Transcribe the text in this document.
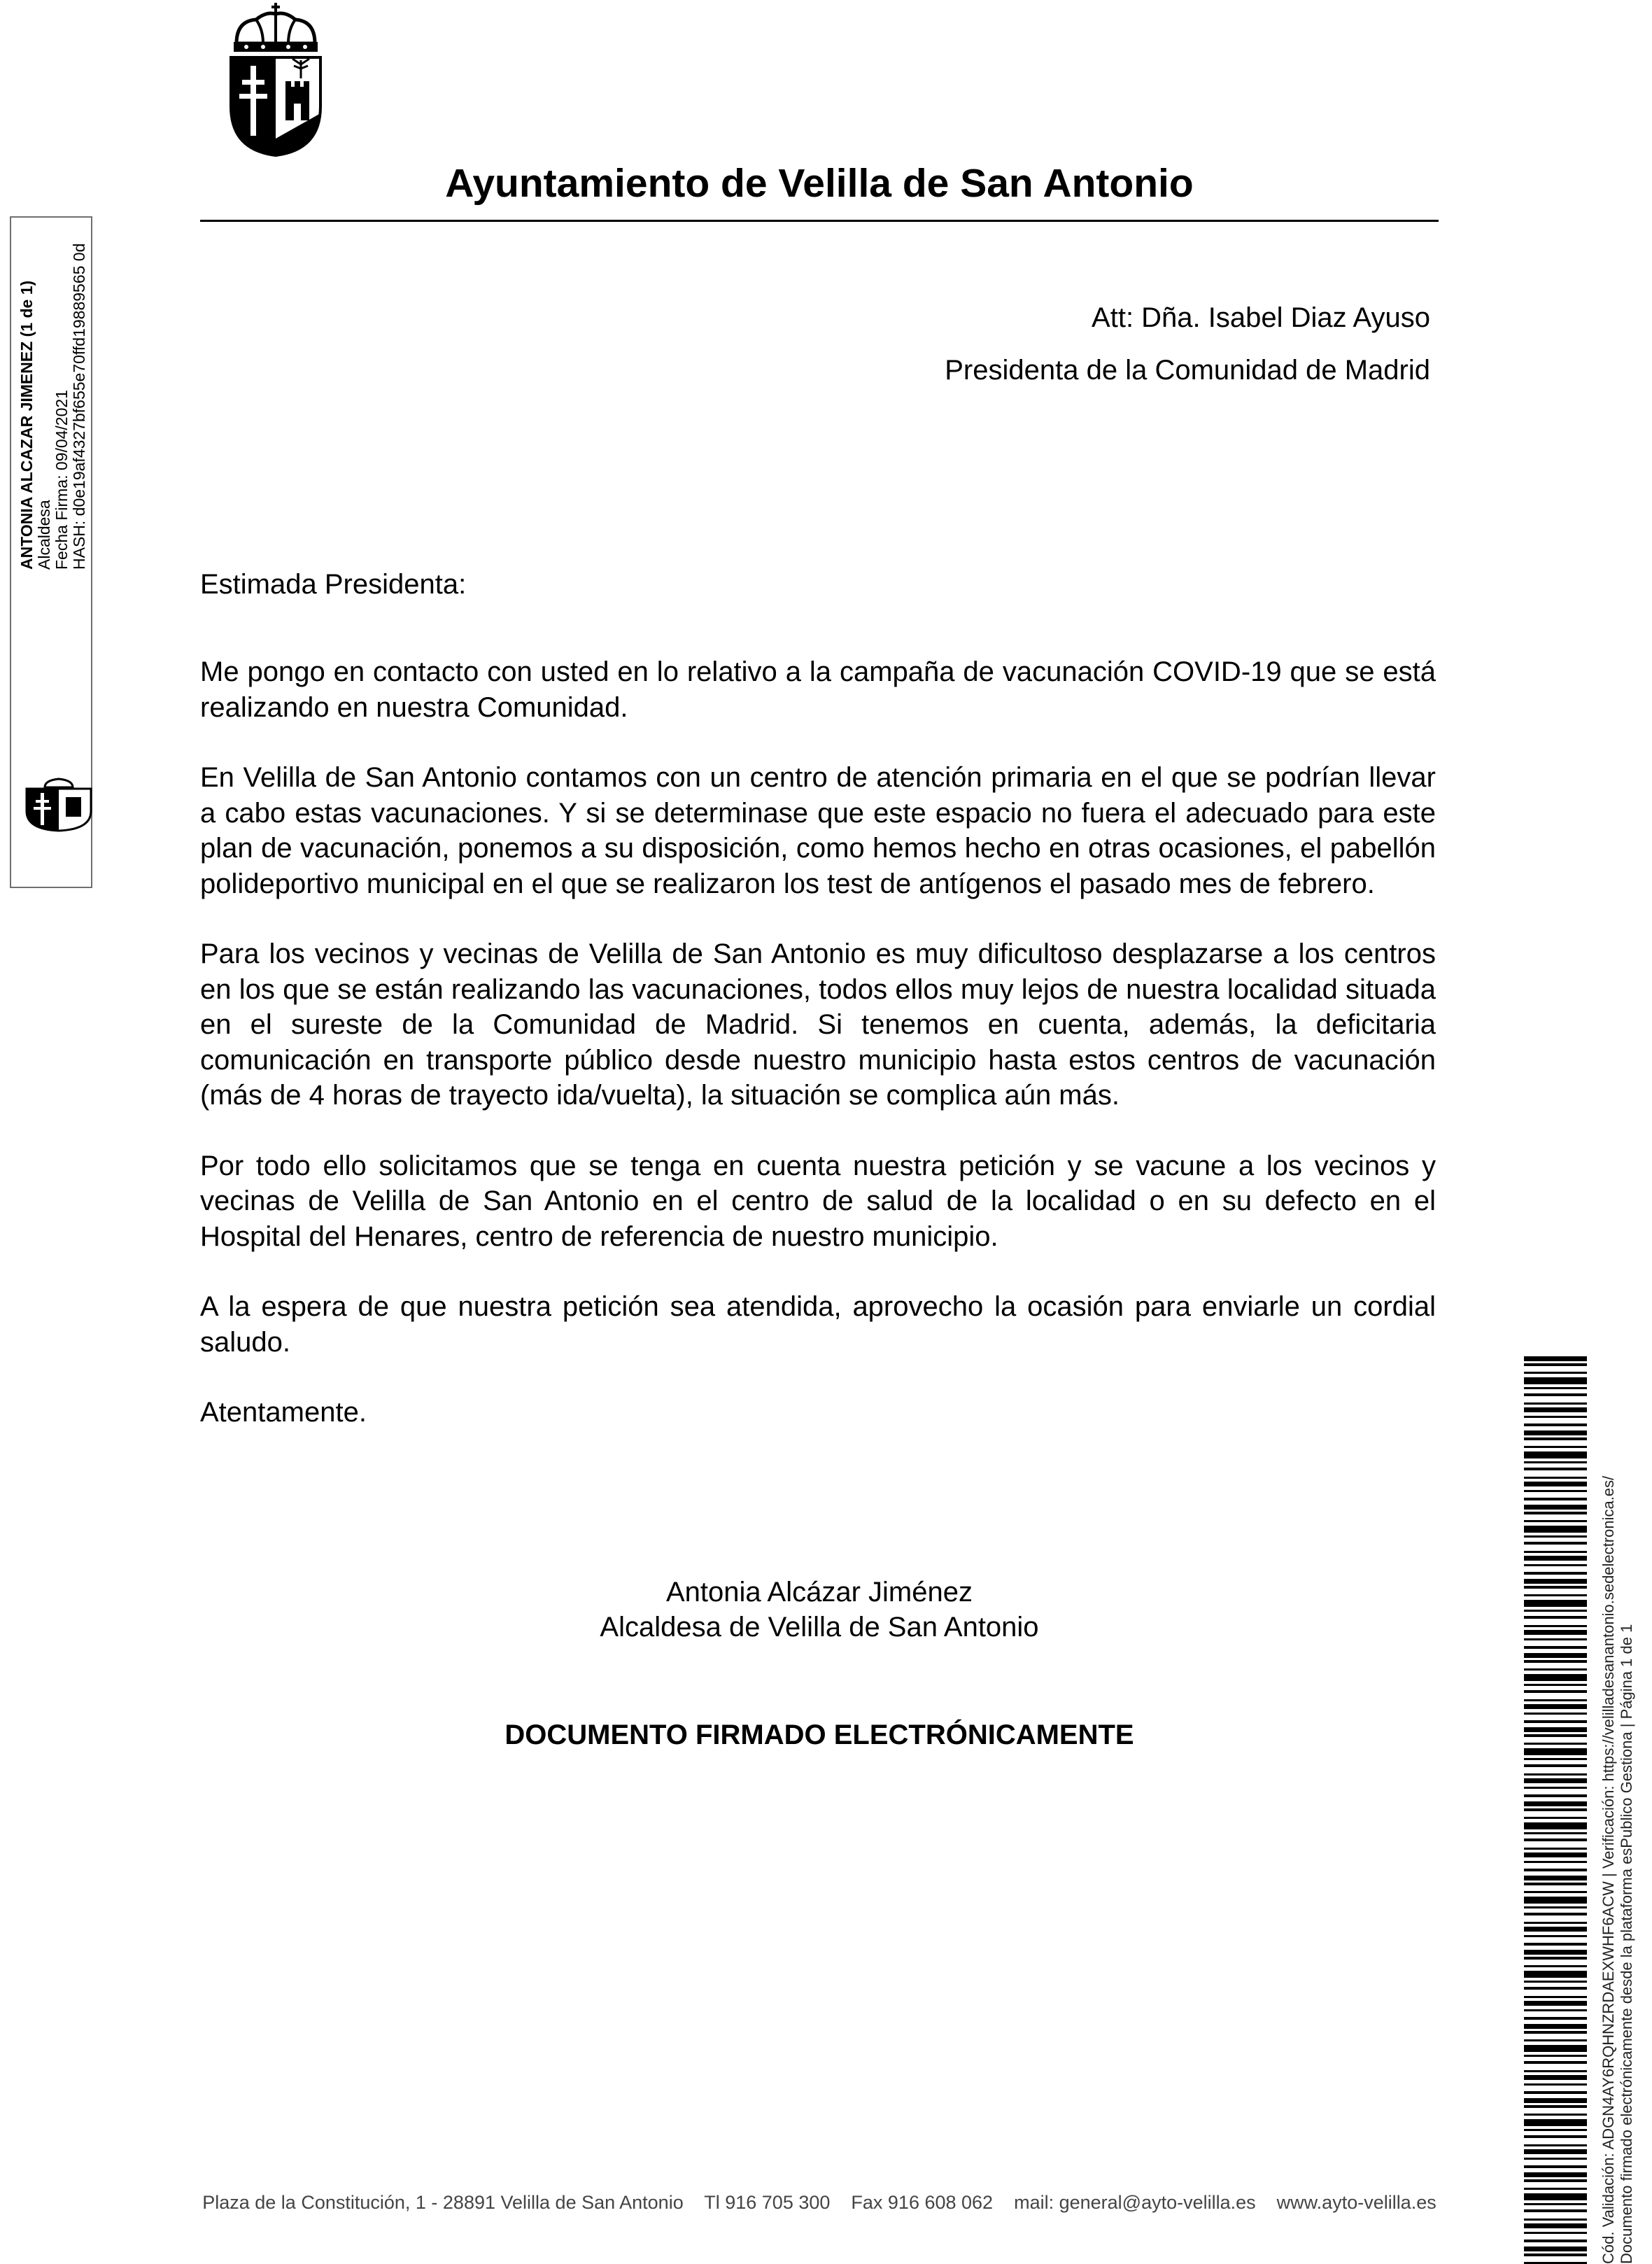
Ayuntamiento de Velilla de San Antonio
Att: Dña. Isabel Diaz Ayuso
Presidenta de la Comunidad de Madrid
Estimada Presidenta:

Me pongo en contacto con usted en lo relativo a la campaña de vacunación COVID-19 que se está realizando en nuestra Comunidad.

En Velilla de San Antonio contamos con un centro de atención primaria en el que se podrían llevar a cabo estas vacunaciones. Y si se determinase que este espacio no fuera el adecuado para este plan de vacunación, ponemos a su disposición, como hemos hecho en otras ocasiones, el pabellón polideportivo municipal en el que se realizaron los test de antígenos el pasado mes de febrero.

Para los vecinos y vecinas de Velilla de San Antonio es muy dificultoso desplazarse a los centros en los que se están realizando las vacunaciones, todos ellos muy lejos de nuestra localidad situada en el sureste de la Comunidad de Madrid. Si tenemos en cuenta, además, la deficitaria comunicación en transporte público desde nuestro municipio hasta estos centros de vacunación (más de 4 horas de trayecto ida/vuelta), la situación se complica aún más.

Por todo ello solicitamos que se tenga en cuenta nuestra petición y se vacune a los vecinos y vecinas de Velilla de San Antonio en el centro de salud de la localidad o en su defecto en el Hospital del Henares, centro de referencia de nuestro municipio.

A la espera de que nuestra petición sea atendida, aprovecho la ocasión para enviarle un cordial saludo.

Atentamente.

Antonia Alcázar Jiménez
Alcaldesa de Velilla de San Antonio
DOCUMENTO FIRMADO ELECTRÓNICAMENTE
Plaza de la Constitución, 1 - 28891 Velilla de San Antonio Tl 916 705 300 Fax 916 608 062 mail: general@ayto-velilla.es www.ayto-velilla.es
ANTONIA ALCAZAR JIMENEZ (1 de 1) Alcaldesa Fecha Firma: 09/04/2021 HASH: d0e19af4327bf655e70ffd19889565 0d
Cód. Validación: ADGN4AY6RQHNZRDAEXWHF6ACW | Verificación: https://velilladesanantonio.sedelectronica.es/ Documento firmado electrónicamente desde la plataforma esPublico Gestiona | Página 1 de 1
